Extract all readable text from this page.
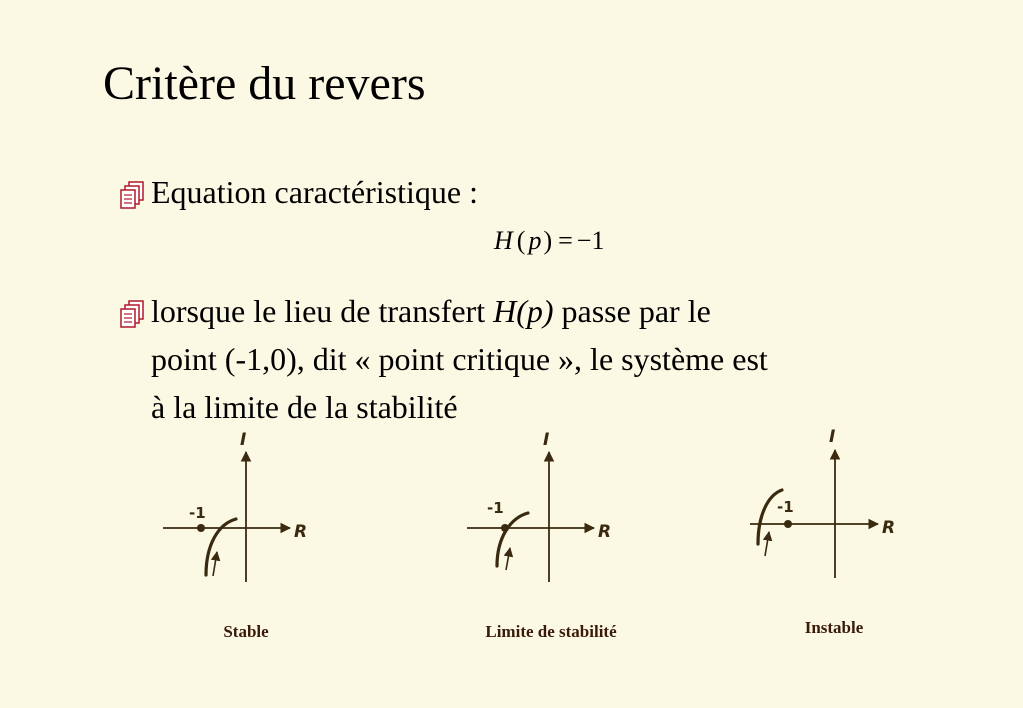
Critère du revers
Equation caractéristique :
H ( p) = −1
lorsque le lieu de transfert H(p) passe par le
point (-1,0), dit « point critique », le système est
à la limite de la stabilité
I
R
-1
I
R
-1
I
R
-1
Stable	Limite de stabilité	Instable
